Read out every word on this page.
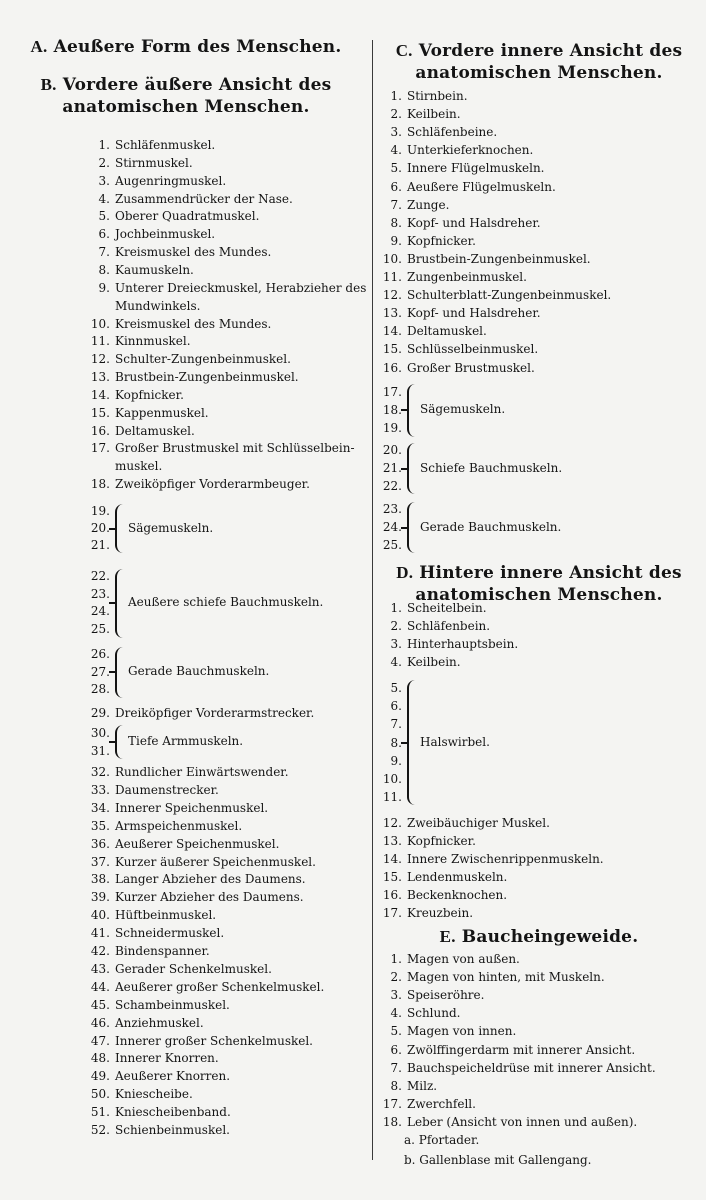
A. Aeußere Form des Menschen.
B. Vordere äußere Ansicht des
anatomischen Menschen.
1. Schläfenmuskel.
2. Stirnmuskel.
3. Augenringmuskel.
4. Zusammendrücker der Nase.
5. Oberer Quadratmuskel.
6. Jochbeinmuskel.
7. Kreismuskel des Mundes.
8. Kaumuskeln.
9. Unterer Dreieckmuskel, Herabzieher des
Mundwinkels.
10. Kreismuskel des Mundes.
11. Kinnmuskel.
12. Schulter-Zungenbeinmuskel.
13. Brustbein-Zungenbeinmuskel.
14. Kopfnicker.
15. Kappenmuskel.
16. Deltamuskel.
17. Großer Brustmuskel mit Schlüsselbein-
muskel.
18. Zweiköpfiger Vorderarmbeuger.
19.
20.
21.
Sägemuskeln.
22.
23.
24.
25.
Aeußere schiefe Bauchmuskeln.
26.
27.
28.
Gerade Bauchmuskeln.
29. Dreiköpfiger Vorderarmstrecker.
30.
31.
Tiefe Armmuskeln.
32. Rundlicher Einwärtswender.
33. Daumenstrecker.
34. Innerer Speichenmuskel.
35. Armspeichenmuskel.
36. Aeußerer Speichenmuskel.
37. Kurzer äußerer Speichenmuskel.
38. Langer Abzieher des Daumens.
39. Kurzer Abzieher des Daumens.
40. Hüftbeinmuskel.
41. Schneidermuskel.
42. Bindenspanner.
43. Gerader Schenkelmuskel.
44. Aeußerer großer Schenkelmuskel.
45. Schambeinmuskel.
46. Anziehmuskel.
47. Innerer großer Schenkelmuskel.
48. Innerer Knorren.
49. Aeußerer Knorren.
50. Kniescheibe.
51. Kniescheibenband.
52. Schienbeinmuskel.
C. Vordere innere Ansicht des
anatomischen Menschen.
D. Hintere innere Ansicht des
anatomischen Menschen.
E. Baucheingeweide.
1. Stirnbein.
2. Keilbein.
3. Schläfenbeine.
4. Unterkieferknochen.
5. Innere Flügelmuskeln.
6. Aeußere Flügelmuskeln.
7. Zunge.
8. Kopf- und Halsdreher.
9. Kopfnicker.
10. Brustbein-Zungenbeinmuskel.
11. Zungenbeinmuskel.
12. Schulterblatt-Zungenbeinmuskel.
13. Kopf- und Halsdreher.
14. Deltamuskel.
15. Schlüsselbeinmuskel.
16. Großer Brustmuskel.
17.
18.
19.
Sägemuskeln.
20.
21.
22.
Schiefe Bauchmuskeln.
23.
24.
25.
Gerade Bauchmuskeln.
1. Scheitelbein.
2. Schläfenbein.
3. Hinterhauptsbein.
4. Keilbein.
5.
6.
7.
8.
9.
10.
11.
Halswirbel.
12. Zweibäuchiger Muskel.
13. Kopfnicker.
14. Innere Zwischenrippenmuskeln.
15. Lendenmuskeln.
16. Beckenknochen.
17. Kreuzbein.
1. Magen von außen.
2. Magen von hinten, mit Muskeln.
3. Speiseröhre.
4. Schlund.
5. Magen von innen.
6. Zwölffingerdarm mit innerer Ansicht.
7. Bauchspeicheldrüse mit innerer Ansicht.
8. Milz.
17. Zwerchfell.
18. Leber (Ansicht von innen und außen).
a. Pfortader.
b. Gallenblase mit Gallengang.
